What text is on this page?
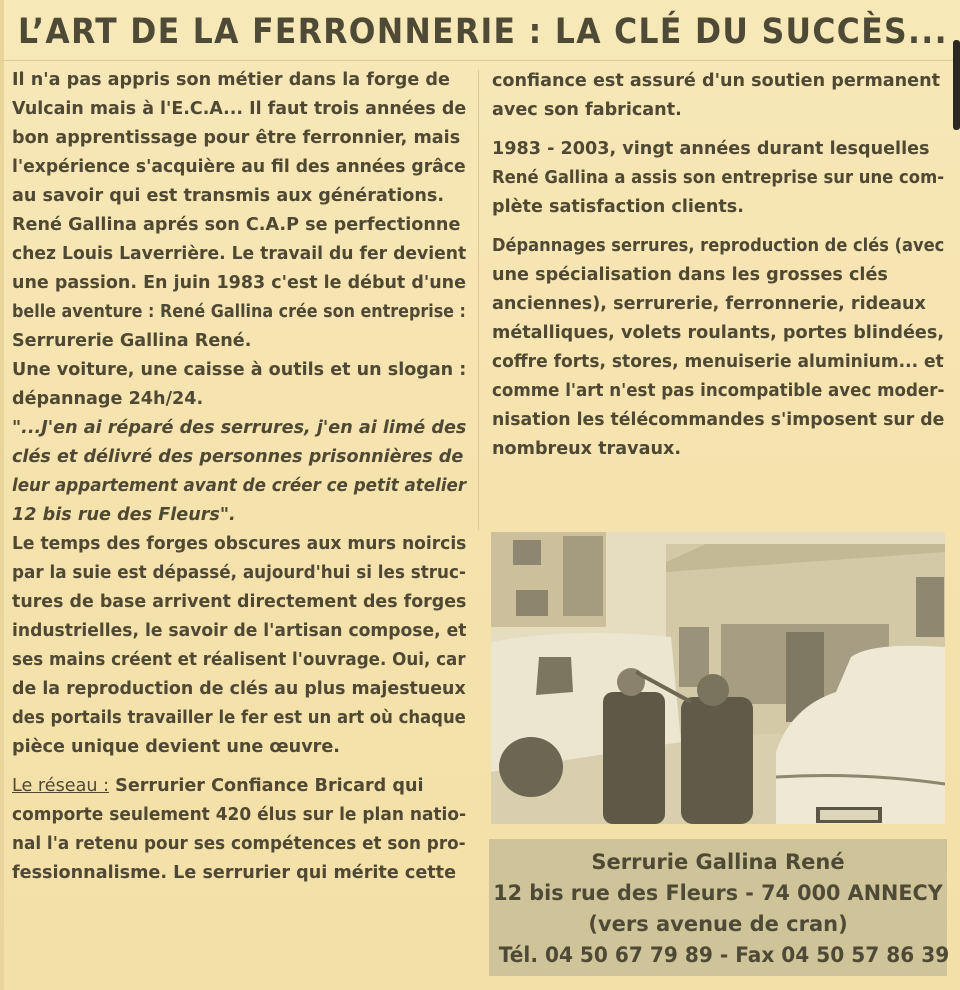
L’ART DE LA FERRONNERIE : LA CLÉ DU SUCCÈS...
Il n'a pas appris son métier dans la forge de
Vulcain mais à l'E.C.A... Il faut trois années de
bon apprentissage pour être ferronnier, mais
l'expérience s'acquière au fil des années grâce
au savoir qui est transmis aux générations.
René Gallina aprés son C.A.P se perfectionne
chez Louis Laverrière. Le travail du fer devient
une passion. En juin 1983 c'est le début d'une
belle aventure : René Gallina crée son entreprise :
Serrurerie Gallina René.
Une voiture, une caisse à outils et un slogan :
dépannage 24h/24.
"...J'en ai réparé des serrures, j'en ai limé des
clés et délivré des personnes prisonnières de
leur appartement avant de créer ce petit atelier
12 bis rue des Fleurs".
Le temps des forges obscures aux murs noircis
par la suie est dépassé, aujourd'hui si les struc-
tures de base arrivent directement des forges
industrielles, le savoir de l'artisan compose, et
ses mains créent et réalisent l'ouvrage. Oui, car
de la reproduction de clés au plus majestueux
des portails travailler le fer est un art où chaque
pièce unique devient une œuvre.
Le réseau : Serrurier Confiance Bricard qui
comporte seulement 420 élus sur le plan natio-
nal l'a retenu pour ses compétences et son pro-
fessionnalisme. Le serrurier qui mérite cette
confiance est assuré d'un soutien permanent
avec son fabricant.
1983 - 2003, vingt années durant lesquelles
René Gallina a assis son entreprise sur une com-
plète satisfaction clients.
Dépannages serrures, reproduction de clés (avec
une spécialisation dans les grosses clés
anciennes), serrurerie, ferronnerie, rideaux
métalliques, volets roulants, portes blindées,
coffre forts, stores, menuiserie aluminium... et
comme l'art n'est pas incompatible avec moder-
nisation les télécommandes s'imposent sur de
nombreux travaux.
Serrurie Gallina René
12 bis rue des Fleurs - 74 000 ANNECY
(vers avenue de cran)
Tél. 04 50 67 79 89 - Fax 04 50 57 86 39
